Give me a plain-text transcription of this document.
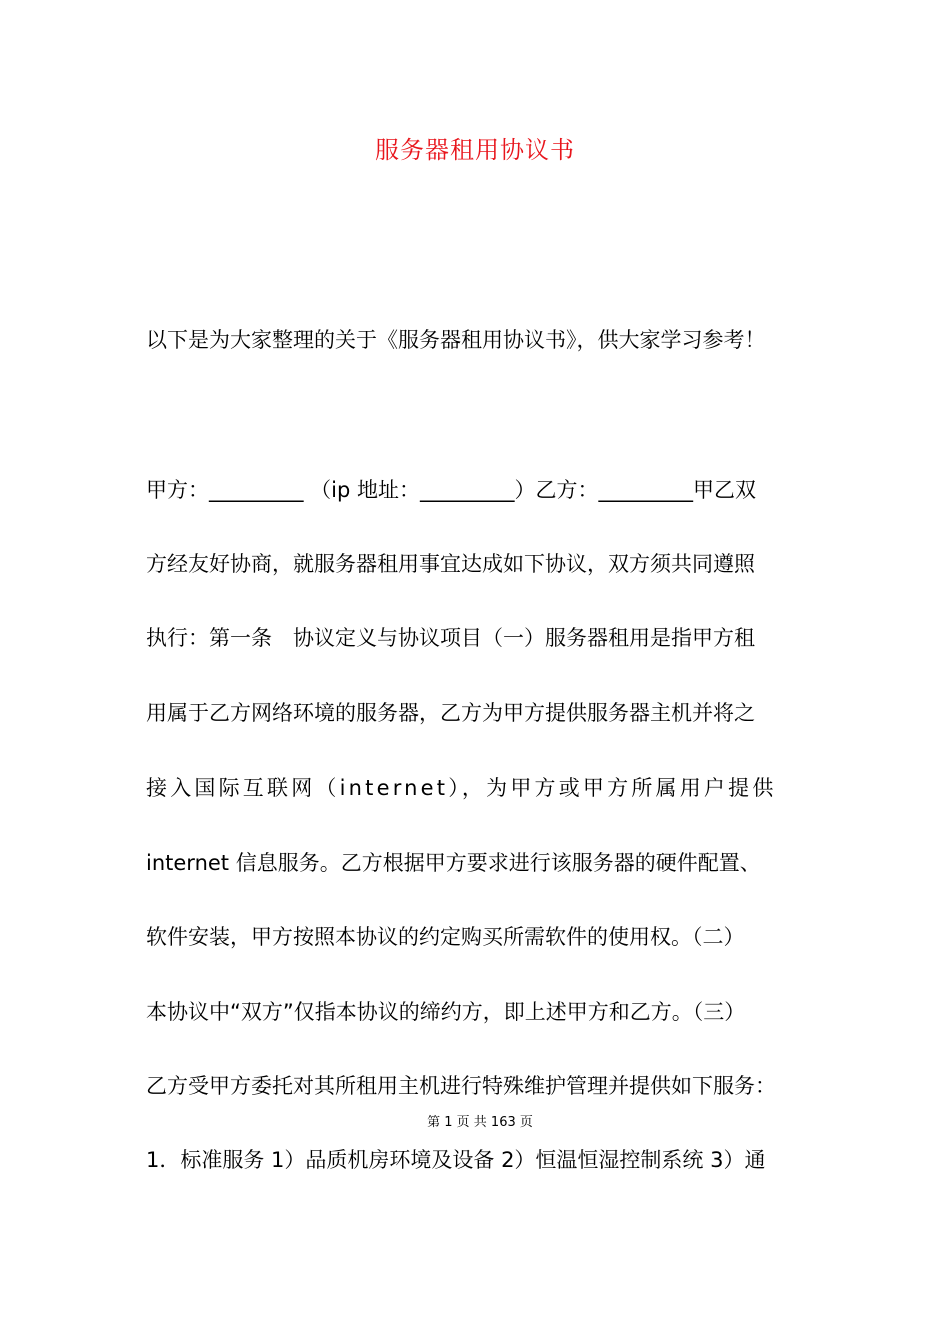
服务器租用协议书
以下是为大家整理的关于《服务器租用协议书》，供大家学习参考！
甲方：_________ （ip 地址：_________）乙方：_________甲乙双
方经友好协商，就服务器租用事宜达成如下协议，双方须共同遵照
执行：第一条　协议定义与协议项目（一）服务器租用是指甲方租
用属于乙方网络环境的服务器，乙方为甲方提供服务器主机并将之
接入国际互联网（internet），为甲方或甲方所属用户提供
internet 信息服务。乙方根据甲方要求进行该服务器的硬件配置、
软件安装，甲方按照本协议的约定购买所需软件的使用权。（二）
本协议中“双方”仅指本协议的缔约方，即上述甲方和乙方。（三）
乙方受甲方委托对其所租用主机进行特殊维护管理并提供如下服务：
第 1 页 共 163 页
1．标准服务 1）品质机房环境及设备 2）恒温恒湿控制系统 3）通
